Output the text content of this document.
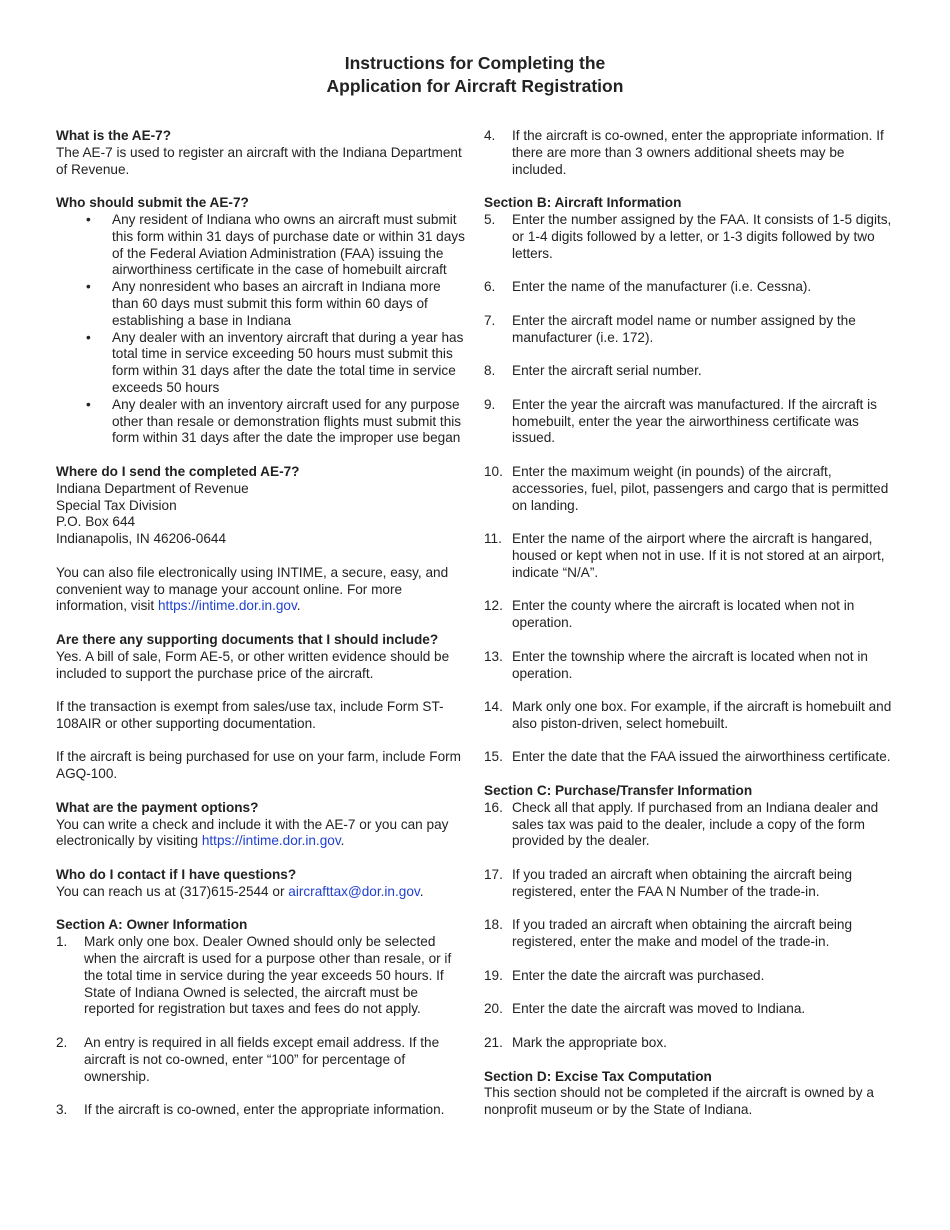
Instructions for Completing the
Application for Aircraft Registration
What is the AE-7?

The AE-7 is used to register an aircraft with the Indiana Department of Revenue.

Who should submit the AE-7?
• Any resident of Indiana who owns an aircraft must submit this form within 31 days of purchase date or within 31 days of the Federal Aviation Administration (FAA) issuing the airworthiness certificate in the case of homebuilt aircraft
• Any nonresident who bases an aircraft in Indiana more than 60 days must submit this form within 60 days of establishing a base in Indiana
• Any dealer with an inventory aircraft that during a year has total time in service exceeding 50 hours must submit this form within 31 days after the date the total time in service exceeds 50 hours
• Any dealer with an inventory aircraft used for any purpose other than resale or demonstration flights must submit this form within 31 days after the date the improper use began
Where do I send the completed AE-7?

Indiana Department of Revenue

Special Tax Division

P.O. Box 644

Indianapolis, IN 46206-0644

You can also file electronically using INTIME, a secure, easy, and convenient way to manage your account online. For more information, visit https://intime.dor.in.gov.

Are there any supporting documents that I should include?

Yes. A bill of sale, Form AE-5, or other written evidence should be included to support the purchase price of the aircraft.

If the transaction is exempt from sales/use tax, include Form ST-108AIR or other supporting documentation.

If the aircraft is being purchased for use on your farm, include Form AGQ-100.

What are the payment options?

You can write a check and include it with the AE-7 or you can pay electronically by visiting https://intime.dor.in.gov.

Who do I contact if I have questions?

You can reach us at (317)615-2544 or aircrafttax@dor.in.gov.

Section A: Owner Information
1.	Mark only one box. Dealer Owned should only be selected when the aircraft is used for a purpose other than resale, or if the total time in service during the year exceeds 50 hours. If State of Indiana Owned is selected, the aircraft must be reported for registration but taxes and fees do not apply.
2.	An entry is required in all fields except email address. If the aircraft is not co-owned, enter “100” for percentage of ownership.
3.	If the aircraft is co-owned, enter the appropriate information.
4.	If the aircraft is co-owned, enter the appropriate information. If there are more than 3 owners additional sheets may be included.
Section B: Aircraft Information
5.	Enter the number assigned by the FAA. It consists of 1-5 digits, or 1-4 digits followed by a letter, or 1-3 digits followed by two letters.
6.	Enter the name of the manufacturer (i.e. Cessna).
7.	Enter the aircraft model name or number assigned by the manufacturer (i.e. 172).
8.	Enter the aircraft serial number.
9.	Enter the year the aircraft was manufactured. If the aircraft is homebuilt, enter the year the airworthiness certificate was issued.
10. Enter the maximum weight (in pounds) of the aircraft, accessories, fuel, pilot, passengers and cargo that is permitted on landing.
11. Enter the name of the airport where the aircraft is hangared, housed or kept when not in use. If it is not stored at an airport, indicate “N/A”.
12. Enter the county where the aircraft is located when not in operation.
13. Enter the township where the aircraft is located when not in operation.
14. Mark only one box. For example, if the aircraft is homebuilt and also piston-driven, select homebuilt.
15. Enter the date that the FAA issued the airworthiness certificate.
Section C: Purchase/Transfer Information
16. Check all that apply. If purchased from an Indiana dealer and sales tax was paid to the dealer, include a copy of the form provided by the dealer.
17. If you traded an aircraft when obtaining the aircraft being registered, enter the FAA N Number of the trade-in.
18. If you traded an aircraft when obtaining the aircraft being registered, enter the make and model of the trade-in.
19. Enter the date the aircraft was purchased.
20. Enter the date the aircraft was moved to Indiana.
21. Mark the appropriate box.
Section D: Excise Tax Computation

This section should not be completed if the aircraft is owned by a nonprofit museum or by the State of Indiana.
